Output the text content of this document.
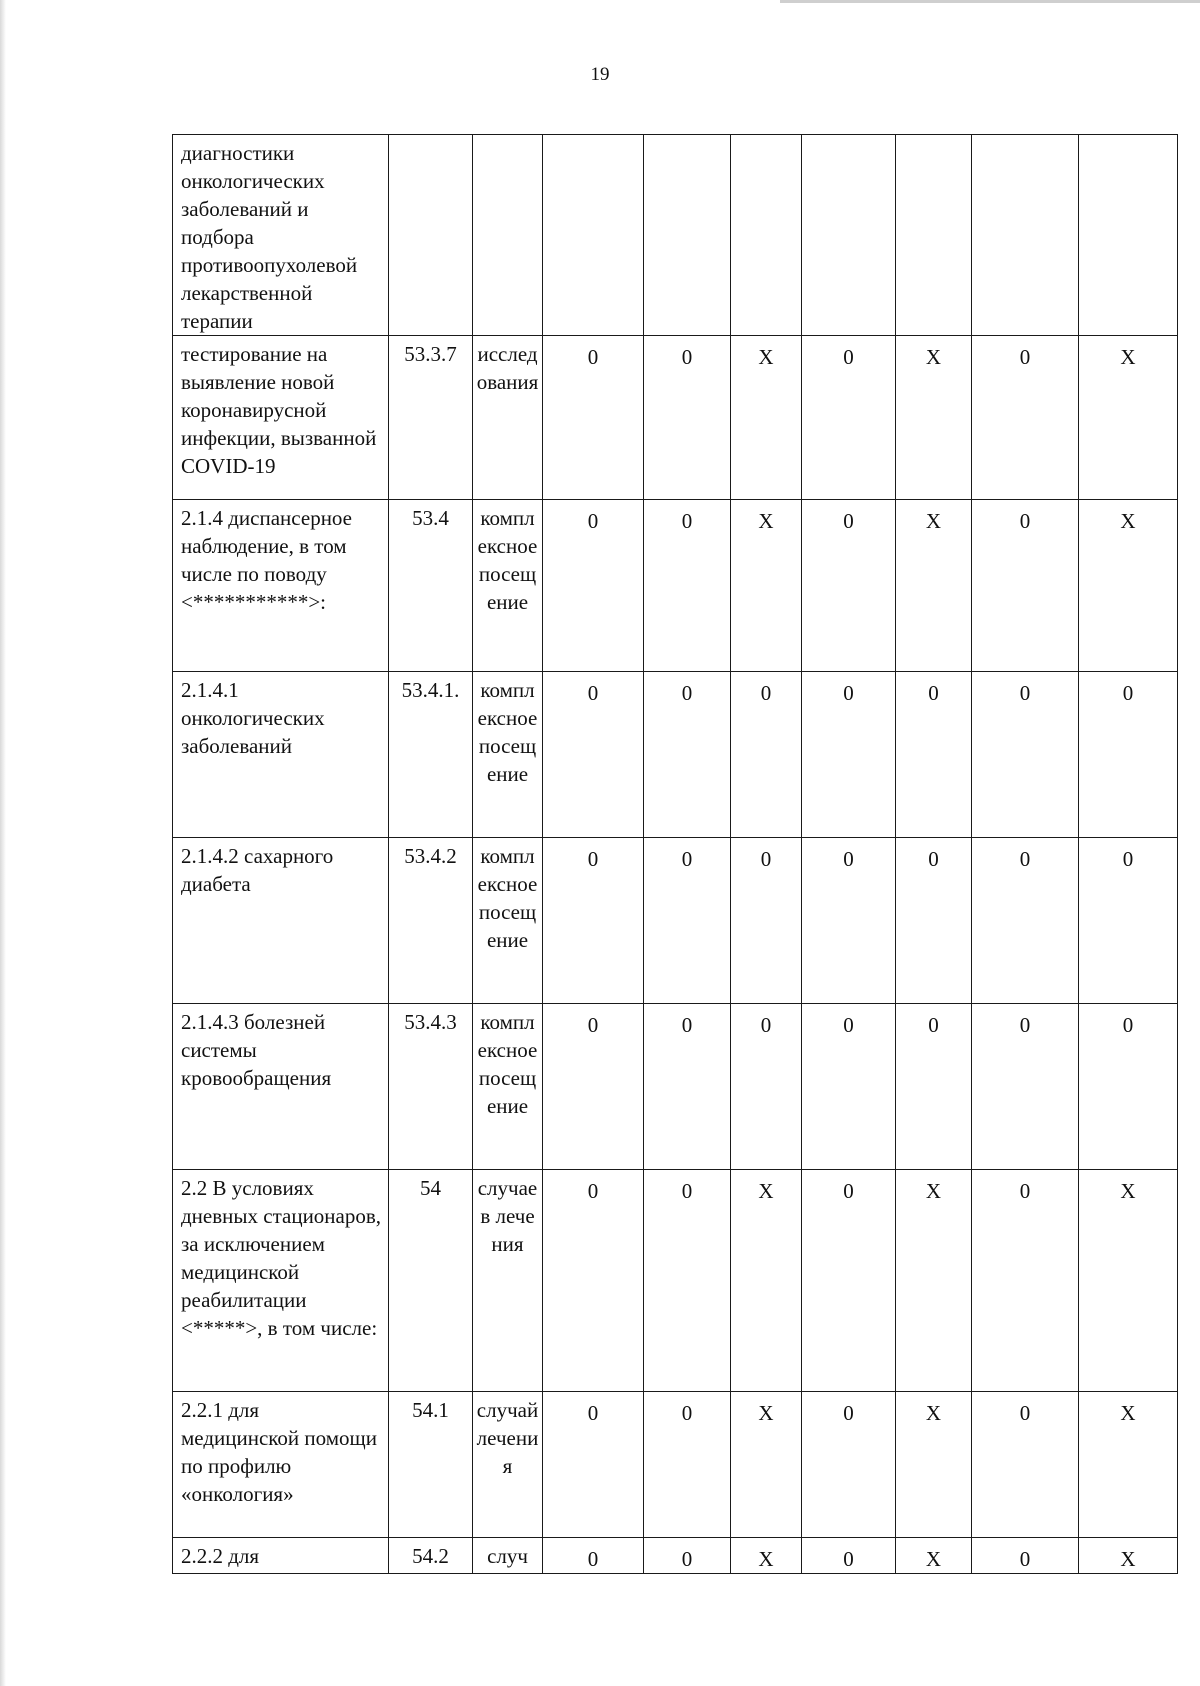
19
диагностики онкологических заболеваний и подбора противоопухолевой лекарственной терапии									
тестирование на выявление новой коронавирусной инфекции, вызванной COVID-19	53.3.7	исследования	0	0	Х	0	Х	0	Х
2.1.4 диспансерное наблюдение, в том числе по поводу <***********>:	53.4	комплексное посещение	0	0	Х	0	Х	0	Х
2.1.4.1 онкологических заболеваний	53.4.1.	комплексное посещение	0	0	0	0	0	0	0
2.1.4.2 сахарного диабета	53.4.2	комплексное посещение	0	0	0	0	0	0	0
2.1.4.3 болезней системы кровообращения	53.4.3	комплексное посещение	0	0	0	0	0	0	0
2.2 В условиях дневных стационаров, за исключением медицинской реабилитации <*****>, в том числе:	54	случаев лечения	0	0	Х	0	Х	0	Х
2.2.1 для медицинской помощи по профилю «онкология»	54.1	случай лечения	0	0	Х	0	Х	0	Х
2.2.2 для	54.2	случ	0	0	Х	0	Х	0	Х
